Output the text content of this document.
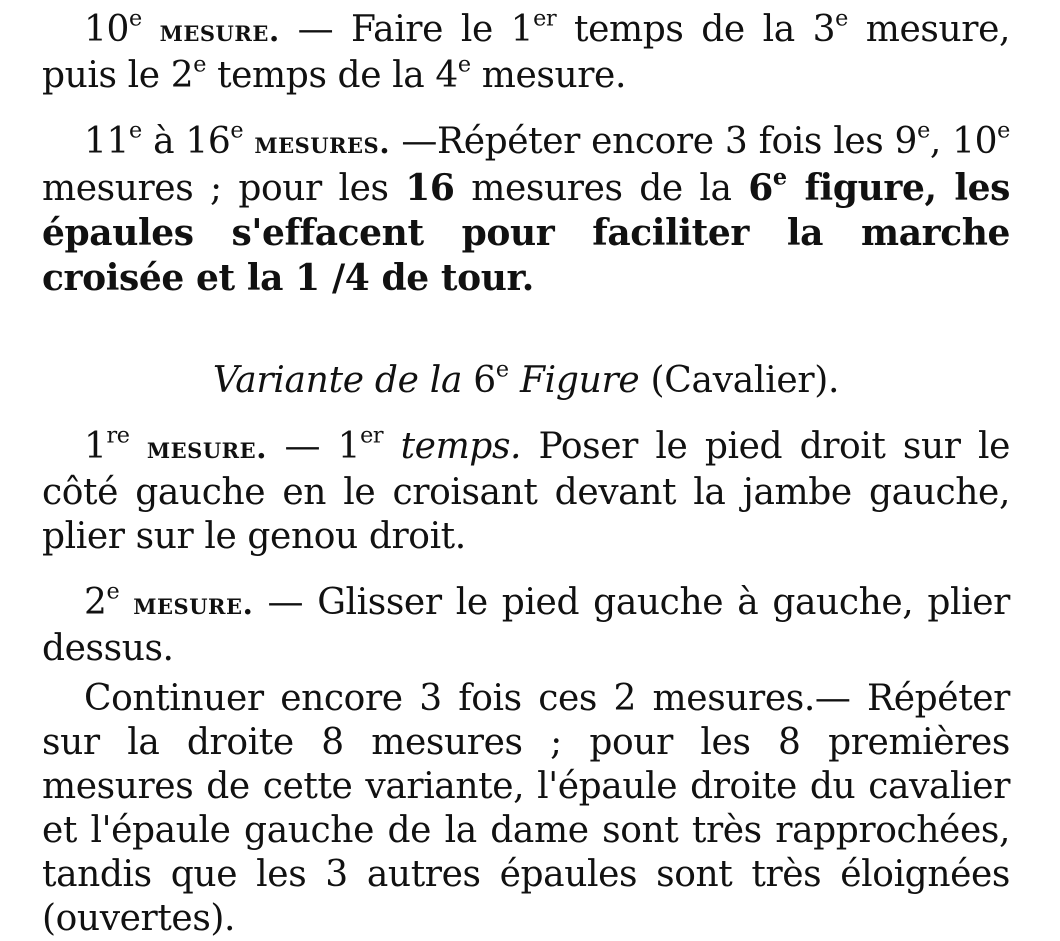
10e mesure. — Faire le 1er temps de la 3e mesure, puis le 2e temps de la 4e mesure.

11e à 16e mesures. —Répéter encore 3 fois les 9e, 10e mesures ; pour les 16 mesures de la 6e figure, les épaules s'effacent pour faciliter la marche croisée et la 1 /4 de tour.

Variante de la 6e Figure (Cavalier).

1re mesure. — 1er temps. Poser le pied droit sur le côté gauche en le croisant devant la jambe gauche, plier sur le genou droit.

2e mesure. — Glisser le pied gauche à gauche, plier dessus.

Continuer encore 3 fois ces 2 mesures.— Répéter sur la droite 8 mesures ; pour les 8 premières mesures de cette variante, l'épaule droite du cavalier et l'épaule gauche de la dame sont très rapprochées, tandis que les 3 autres épaules sont très éloignées (ouvertes).
